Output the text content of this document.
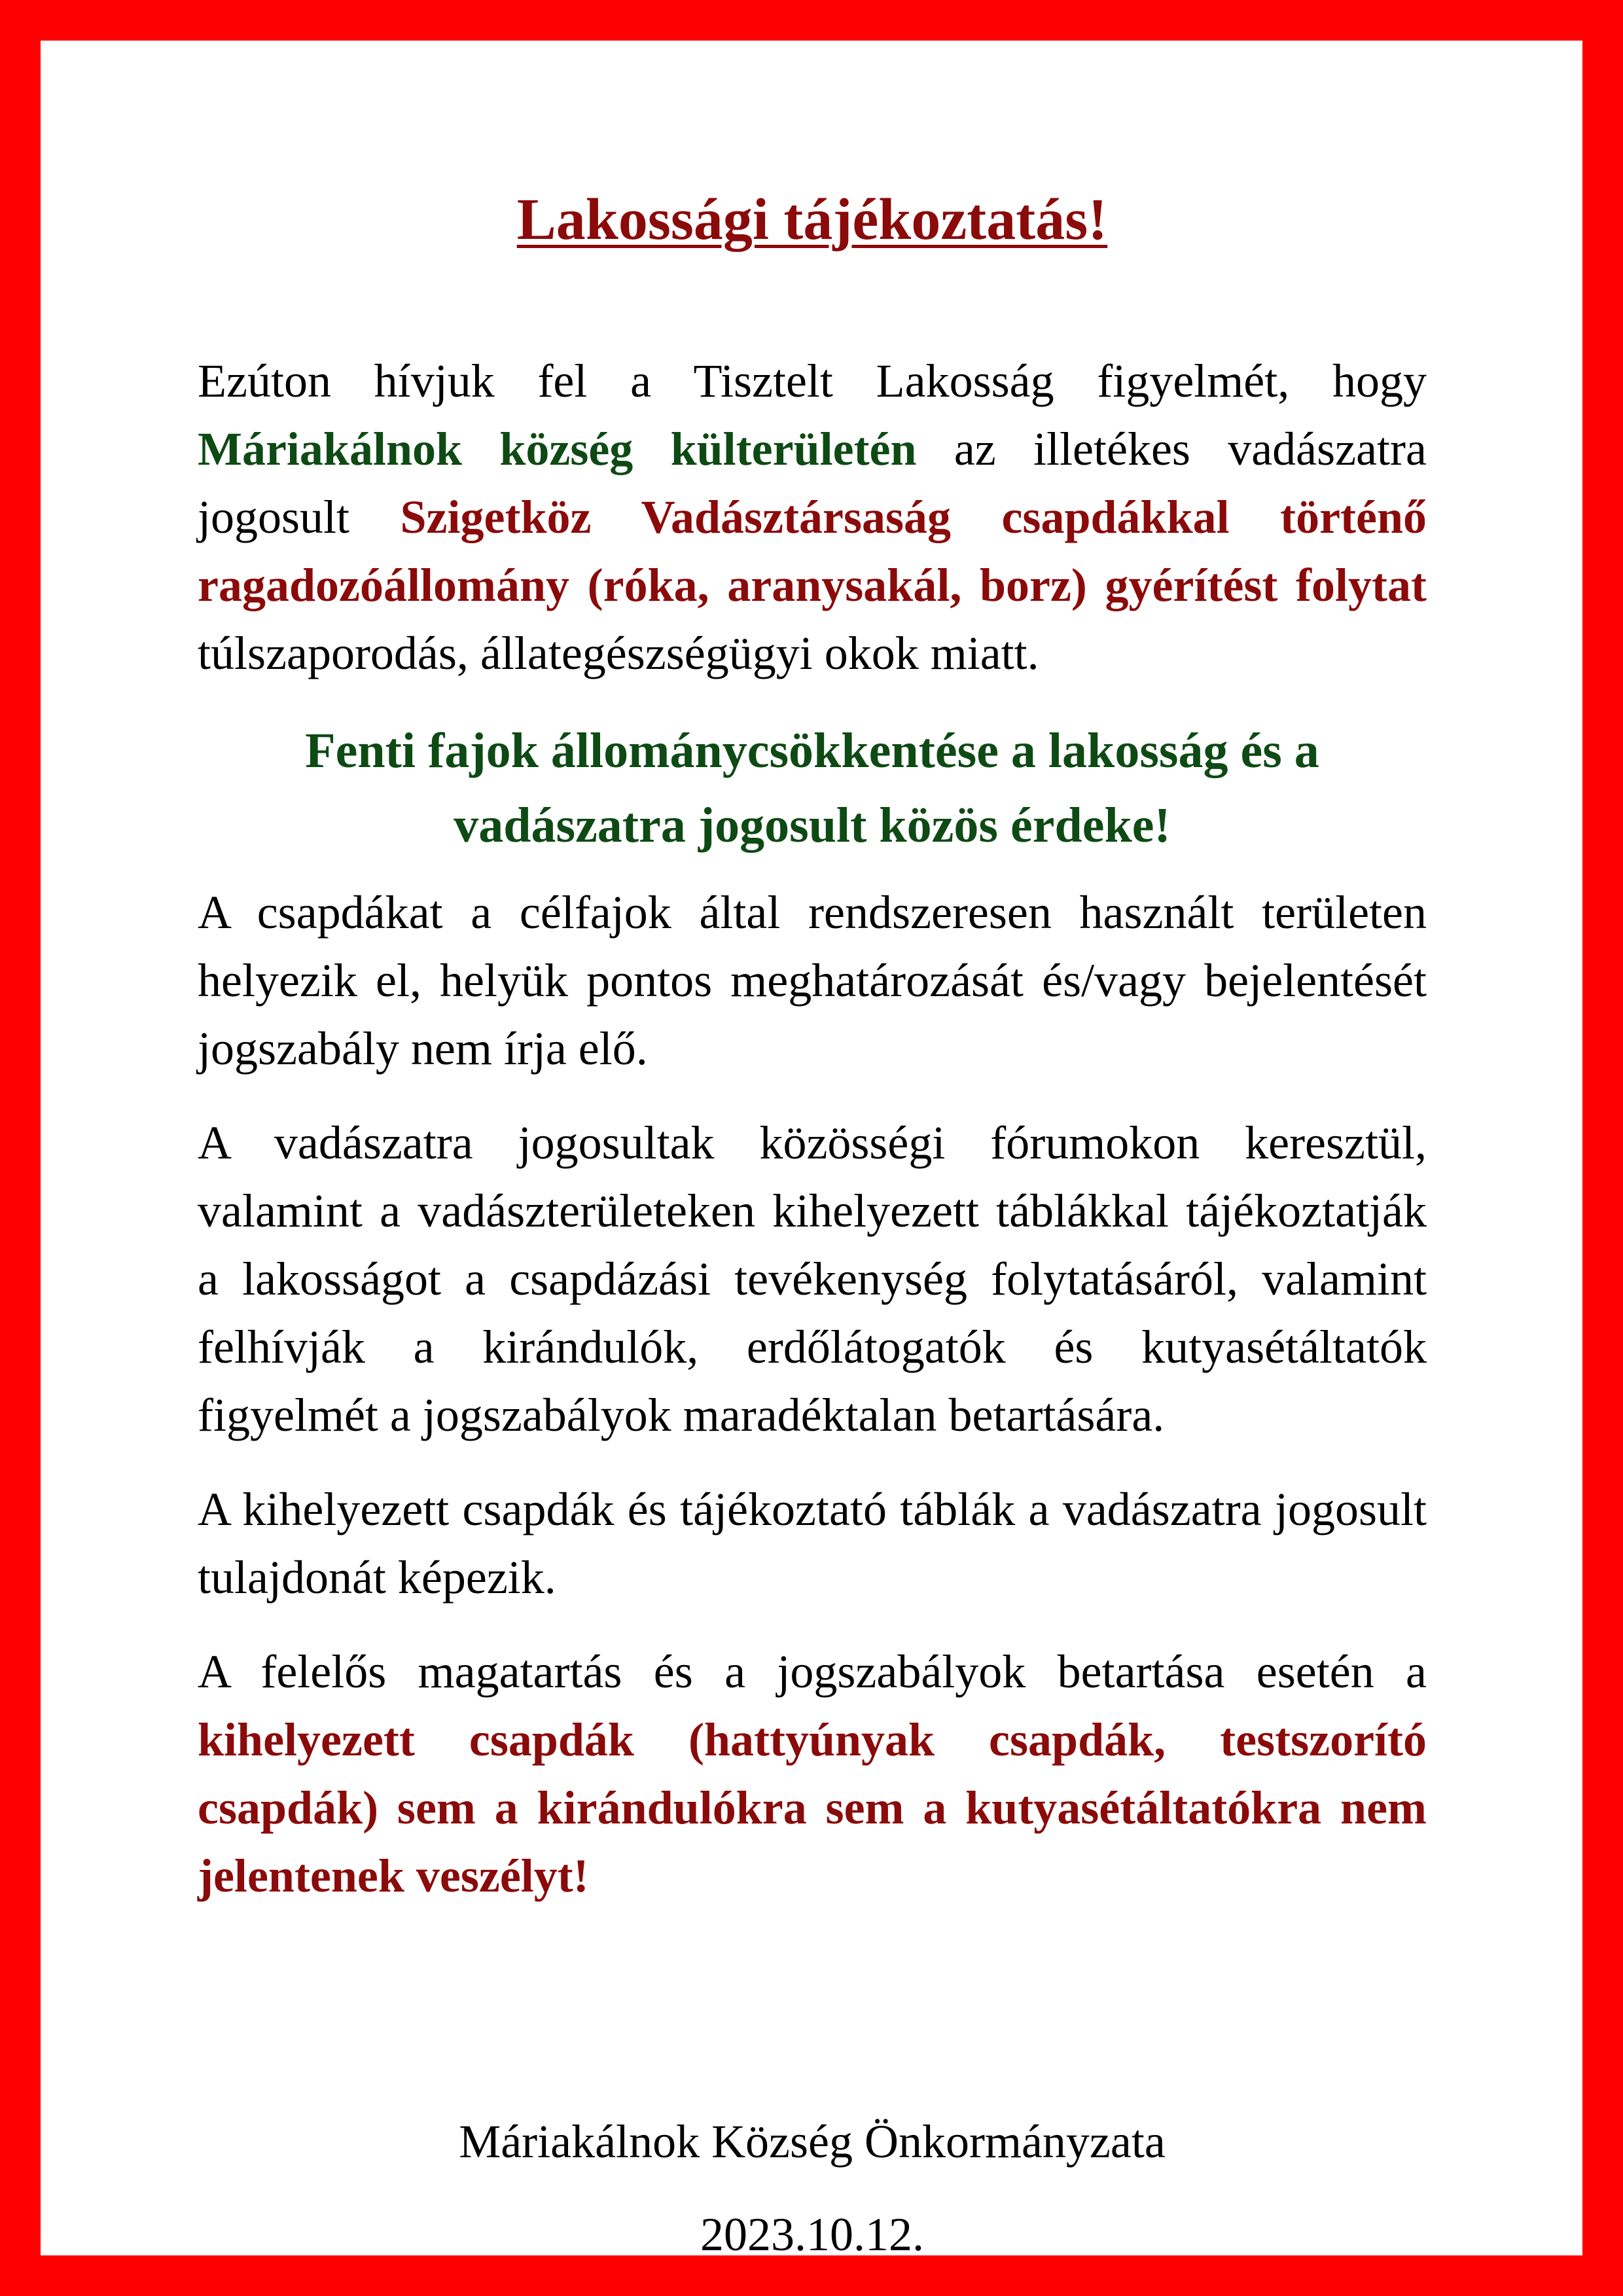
Lakossági tájékoztatás!

Ezúton hívjuk fel a Tisztelt Lakosság figyelmét, hogy Máriakálnok község külterületén az illetékes vadászatra jogosult Szigetköz Vadásztársaság csapdákkal történő ragadozóállomány (róka, aranysakál, borz) gyérítést folytat túlszaporodás, állategészségügyi okok miatt.

Fenti fajok állománycsökkentése a lakosság és a vadászatra jogosult közös érdeke!

A csapdákat a célfajok által rendszeresen használt területen helyezik el, helyük pontos meghatározását és/vagy bejelentését jogszabály nem írja elő.

A vadászatra jogosultak közösségi fórumokon keresztül, valamint a vadászterületeken kihelyezett táblákkal tájékoztatják a lakosságot a csapdázási tevékenység folytatásáról, valamint felhívják a kirándulók, erdőlátogatók és kutyasétáltatók figyelmét a jogszabályok maradéktalan betartására.

A kihelyezett csapdák és tájékoztató táblák a vadászatra jogosult tulajdonát képezik.

A felelős magatartás és a jogszabályok betartása esetén a kihelyezett csapdák (hattyúnyak csapdák, testszorító csapdák) sem a kirándulókra sem a kutyasétáltatókra nem jelentenek veszélyt!

Máriakálnok Község Önkormányzata
2023.10.12.
